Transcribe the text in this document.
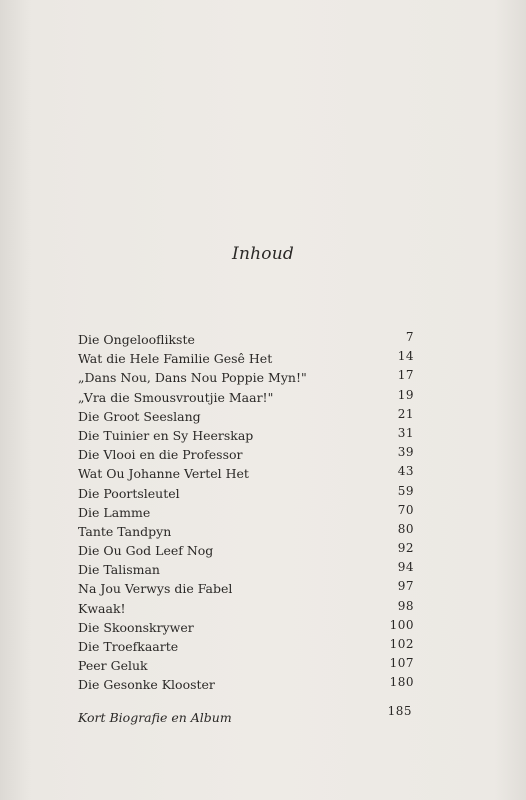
Inhoud
Die Ongelooflikste	7
Wat die Hele Familie Gesê Het	14
„Dans Nou, Dans Nou Poppie Myn!"	17
„Vra die Smousvroutjie Maar!"	19
Die Groot Seeslang	21
Die Tuinier en Sy Heerskap	31
Die Vlooi en die Professor	39
Wat Ou Johanne Vertel Het	43
Die Poortsleutel	59
Die Lamme	70
Tante Tandpyn	80
Die Ou God Leef Nog	92
Die Talisman	94
Na Jou Verwys die Fabel	97
Kwaak!	98
Die Skoonskrywer	100
Die Troefkaarte	102
Peer Geluk	107
Die Gesonke Klooster	180
Kort Biografie en Album	185
